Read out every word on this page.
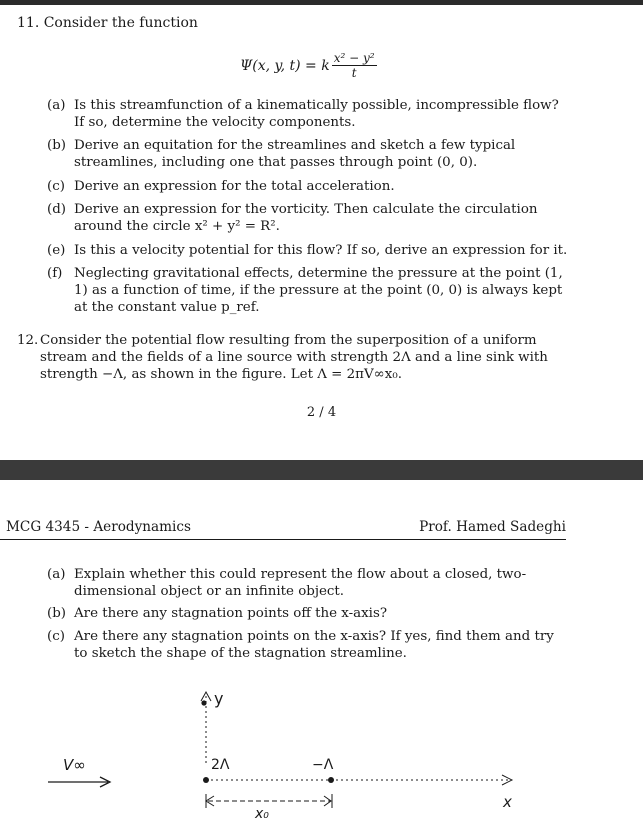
11. Consider the function
Ψ(x, y, t) = k $\frac{\text{x² − y²}}{t}$
(a) Is this streamfunction of a kinematically possible, incompressible flow? If so, determine the velocity components.
(b) Derive an equitation for the streamlines and sketch a few typical streamlines, including one that passes through point (0, 0).
(c) Derive an expression for the total acceleration.
(d) Derive an expression for the vorticity. Then calculate the circulation around the circle x² + y² = R².
(e) Is this a velocity potential for this flow? If so, derive an expression for it.
(f) Neglecting gravitational effects, determine the pressure at the point (1, 1) as a function of time, if the pressure at the point (0, 0) is always kept at the constant value p_ref.
12. Consider the potential flow resulting from the superposition of a uniform stream and the fields of a line source with strength 2Λ and a line sink with strength −Λ, as shown in the figure. Let Λ = 2πV∞x₀.
2 / 4
MCG 4345 - Aerodynamics	Prof. Hamed Sadeghi
(a) Explain whether this could represent the flow about a closed, two-dimensional object or an infinite object.
(b) Are there any stagnation points off the x-axis?
(c) Are there any stagnation points on the x-axis? If yes, find them and try to sketch the shape of the stagnation streamline.
y
x
2Λ	−Λ
V∞
x₀
